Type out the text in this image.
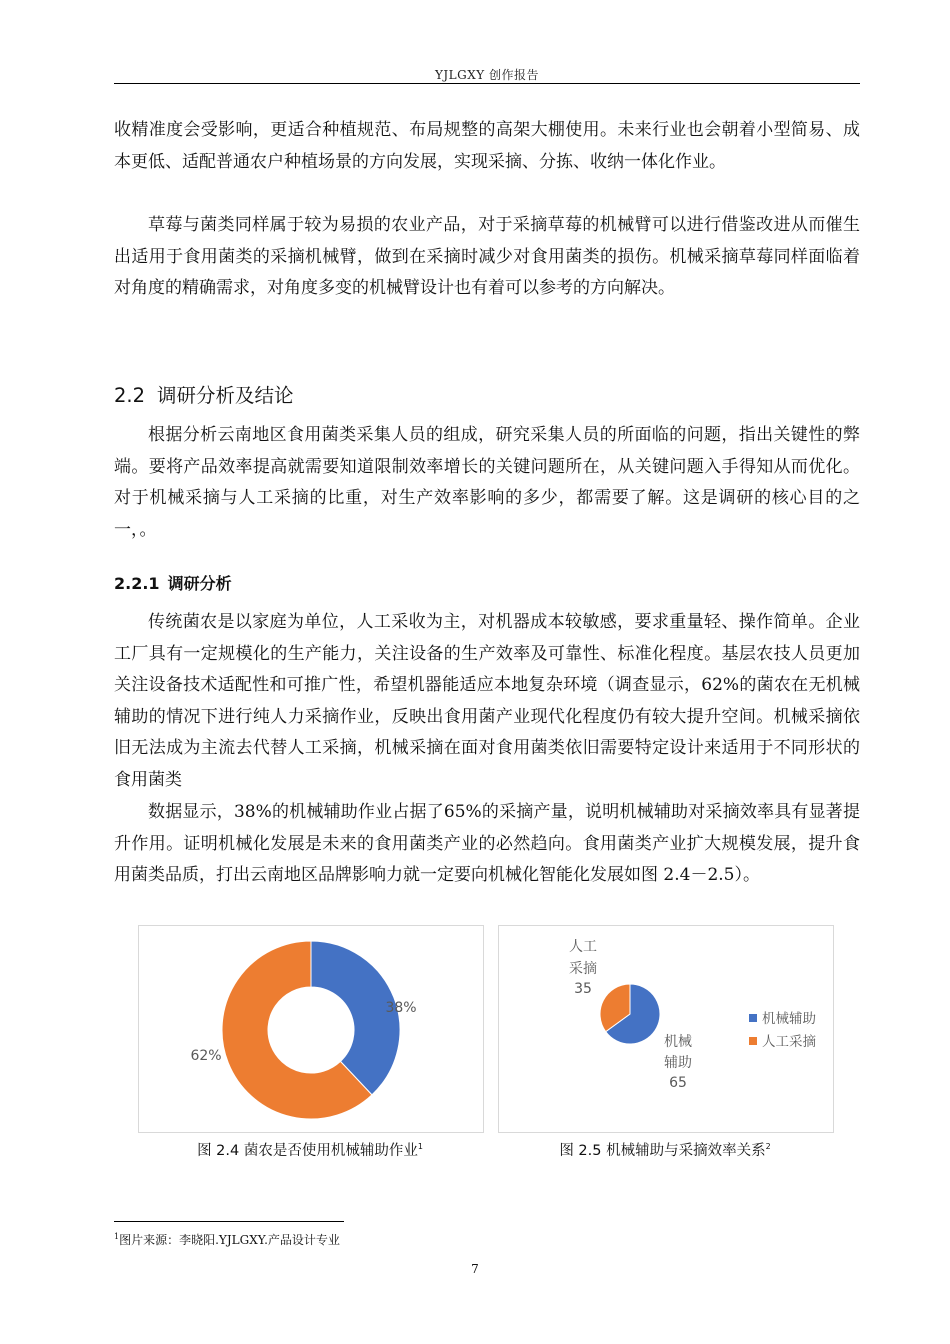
YJLGXY 创作报告

收精准度会受影响，更适合种植规范、布局规整的高架大棚使用。未来行业也会朝着小型简易、成本更低、适配普通农户种植场景的方向发展，实现采摘、分拣、收纳一体化作业。

草莓与菌类同样属于较为易损的农业产品，对于采摘草莓的机械臂可以进行借鉴改进从而催生出适用于食用菌类的采摘机械臂，做到在采摘时减少对食用菌类的损伤。机械采摘草莓同样面临着对角度的精确需求，对角度多变的机械臂设计也有着可以参考的方向解决。

2.2 调研分析及结论

根据分析云南地区食用菌类采集人员的组成，研究采集人员的所面临的问题，指出关键性的弊端。要将产品效率提高就需要知道限制效率增长的关键问题所在，从关键问题入手得知从而优化。对于机械采摘与人工采摘的比重，对生产效率影响的多少，都需要了解。这是调研的核心目的之一，。

2.2.1 调研分析

传统菌农是以家庭为单位，人工采收为主，对机器成本较敏感，要求重量轻、操作简单。企业工厂具有一定规模化的生产能力，关注设备的生产效率及可靠性、标准化程度。基层农技人员更加关注设备技术适配性和可推广性，希望机器能适应本地复杂环境（调查显示，62%的菌农在无机械辅助的情况下进行纯人力采摘作业，反映出食用菌产业现代化程度仍有较大提升空间。机械采摘依旧无法成为主流去代替人工采摘，机械采摘在面对食用菌类依旧需要特定设计来适用于不同形状的食用菌类

数据显示，38%的机械辅助作业占据了65%的采摘产量，说明机械辅助对采摘效率具有显著提升作用。证明机械化发展是未来的食用菌类产业的必然趋向。食用菌类产业扩大规模发展，提升食用菌类品质，打出云南地区品牌影响力就一定要向机械化智能化发展如图 2.4－2.5）。

38%
62%
图 2.4 菌农是否使用机械辅助作业$^1$
人工
采摘
35
机械
辅助
65
机械辅助
人工采摘
图 2.5 机械辅助与采摘效率关系$^2$
$^1$图片来源：李晓阳.YJLGXY.产品设计专业
7
